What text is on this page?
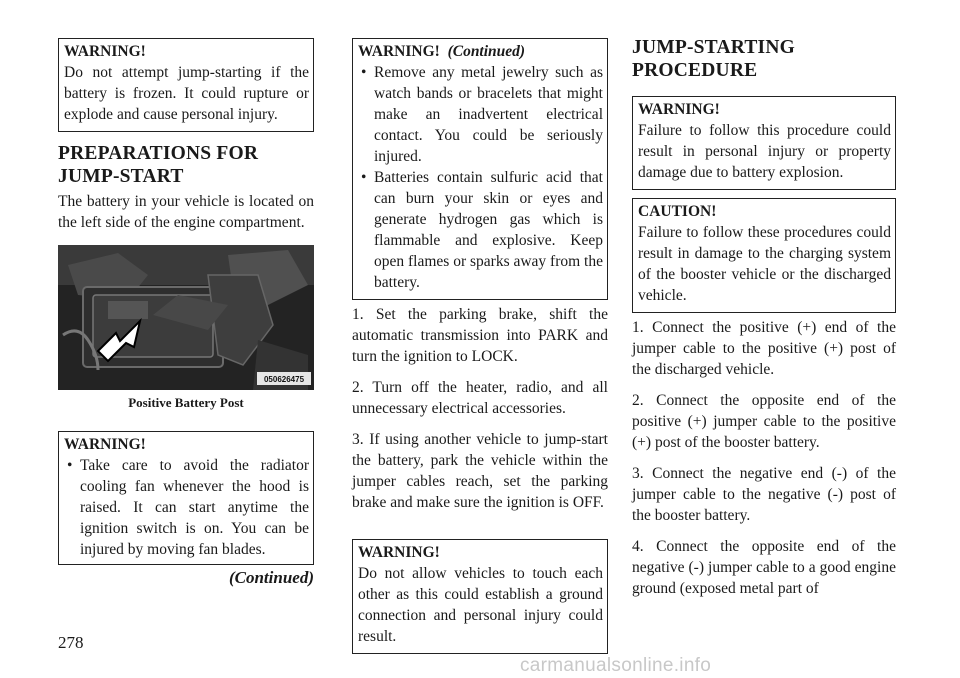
WARNING!
Do not attempt jump-starting if the battery is frozen. It could rupture or explode and cause personal injury.
PREPARATIONS FOR JUMP-START

The battery in your vehicle is located on the left side of the engine compartment.

050626475
Positive Battery Post
WARNING!
• Take care to avoid the radiator cooling fan whenever the hood is raised. It can start anytime the ignition switch is on. You can be injured by moving fan blades.
(Continued)
WARNING! (Continued)
• Remove any metal jewelry such as watch bands or bracelets that might make an inadvertent electrical contact. You could be seriously injured.
• Batteries contain sulfuric acid that can burn your skin or eyes and generate hydrogen gas which is flammable and explosive. Keep open flames or sparks away from the battery.

1. Set the parking brake, shift the automatic transmission into PARK and turn the ignition to LOCK.

2. Turn off the heater, radio, and all unnecessary electrical accessories.

3. If using another vehicle to jump-start the battery, park the vehicle within the jumper cables reach, set the parking brake and make sure the ignition is OFF.

WARNING!
Do not allow vehicles to touch each other as this could establish a ground connection and personal injury could result.
JUMP-STARTING PROCEDURE
WARNING!
Failure to follow this procedure could result in personal injury or property damage due to battery explosion.
CAUTION!
Failure to follow these procedures could result in damage to the charging system of the booster vehicle or the discharged vehicle.

1. Connect the positive (+) end of the jumper cable to the positive (+) post of the discharged vehicle.

2. Connect the opposite end of the positive (+) jumper cable to the positive (+) post of the booster battery.

3. Connect the negative end (-) of the jumper cable to the negative (-) post of the booster battery.

4. Connect the opposite end of the negative (-) jumper cable to a good engine ground (exposed metal part of

278
carmanualsonline.info
